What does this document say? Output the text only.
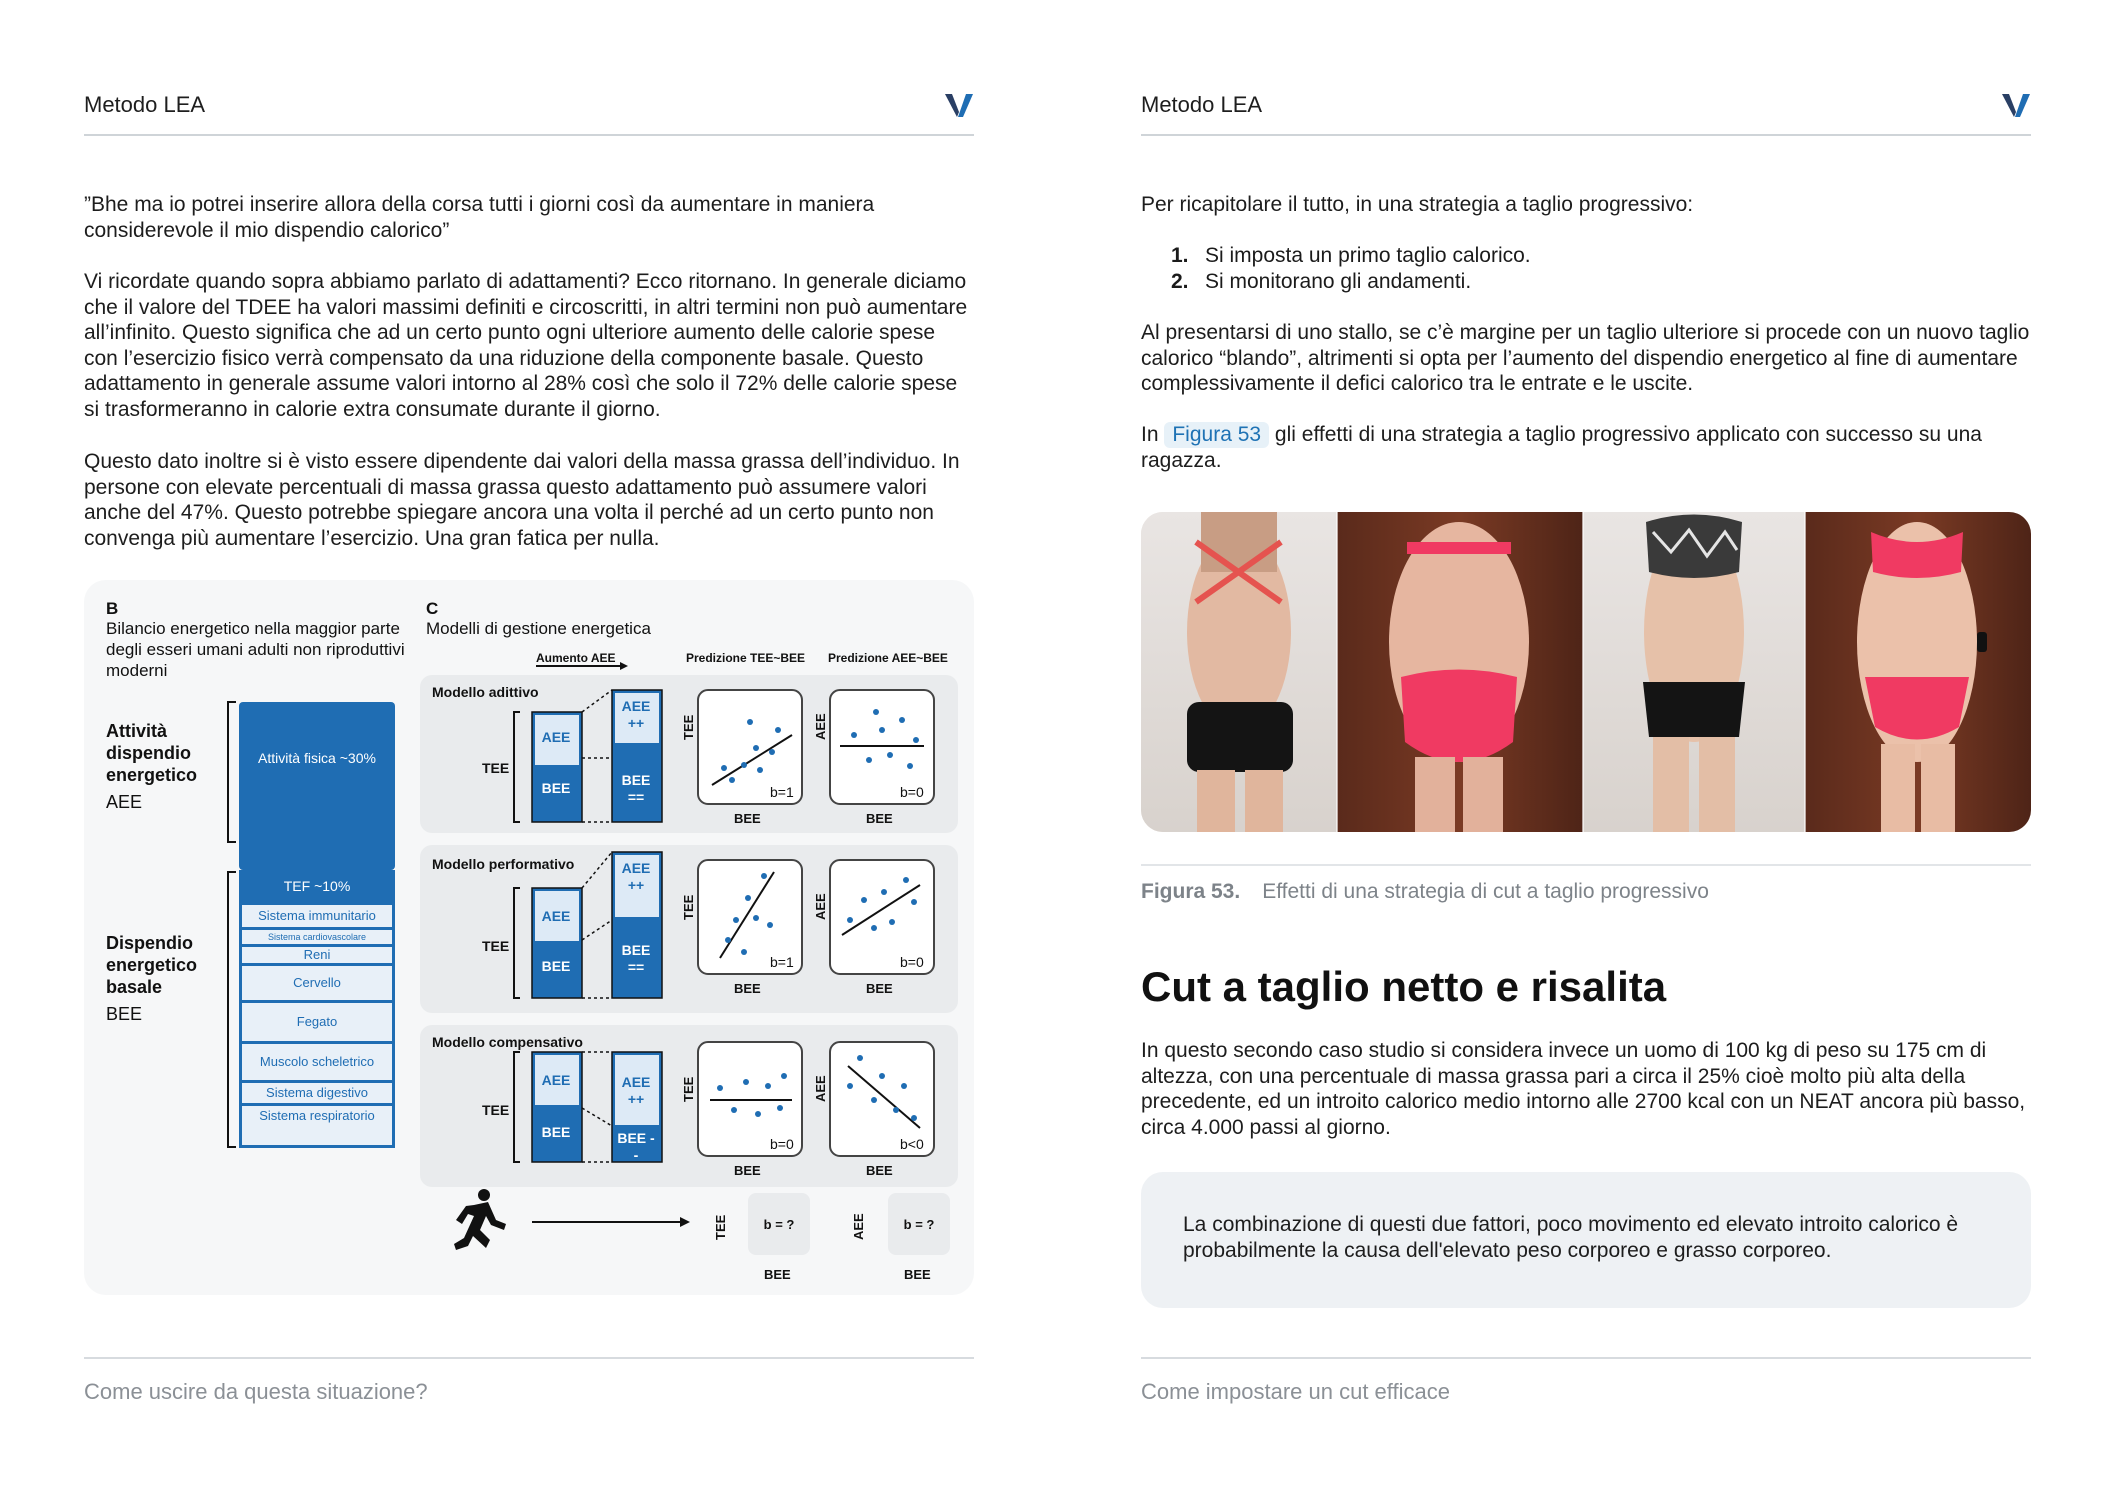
Metodo LEA
”Bhe ma io potrei inserire allora della corsa tutti i giorni così da aumentare in maniera considerevole il mio dispendio calorico”
Vi ricordate quando sopra abbiamo parlato di adattamenti? Ecco ritornano. In generale diciamo che il valore del TDEE ha valori massimi definiti e circoscritti, in altri termini non può aumentare all’infinito. Questo significa che ad un certo punto ogni ulteriore aumento delle calorie spese con l’esercizio fisico verrà compensato da una riduzione della componente basale. Questo adattamento in generale assume valori intorno al 28% così che solo il 72% delle calorie spese si trasformeranno in calorie extra consumate durante il giorno.
Questo dato inoltre si è visto essere dipendente dai valori della massa grassa dell’individuo. In persone con elevate percentuali di massa grassa questo adattamento può assumere valori anche del 47%. Questo potrebbe spiegare ancora una volta il perché ad un certo punto non convenga più aumentare l’esercizio. Una gran fatica per nulla.
B
Bilancio energetico nella maggior parte degli esseri umani adulti non riproduttivi moderni
Attività dispendio energetico
AEE
Dispendio energetico basale
BEE
Attività fisica ~30%
TEF ~10%
Sistema immunitario
Sistema cardiovascolare
Reni
Cervello
Fegato
Muscolo scheletrico
Sistema digestivo
Sistema respiratorio
C
Modelli di gestione energetica
Aumento AEE	Predizione TEE~BEE Predizione AEE~BEE
Modello adittivo
TEE
AEE
BEE
AEE ++
BEE ==
TEE
b=1
BEE
AEE
b=0
BEE
Modello performativo
TEE
AEE
BEE
AEE ++
BEE ==
TEE
b=1
BEE
AEE
b=0
BEE
Modello compensativo
TEE
AEE
BEE
AEE ++
BEE --
TEE
b=0
BEE
AEE
b<0
BEE
TEE	b = ?
BEE
AEE	b = ?
BEE
Come uscire da questa situazione?
Metodo LEA
Per ricapitolare il tutto, in una strategia a taglio progressivo:
1. Si imposta un primo taglio calorico.
2. Si monitorano gli andamenti.
Al presentarsi di uno stallo, se c’è margine per un taglio ulteriore si procede con un nuovo taglio calorico “blando”, altrimenti si opta per l’aumento del dispendio energetico al fine di aumentare complessivamente il defici calorico tra le entrate e le uscite.
In Figura 53 gli effetti di una strategia a taglio progressivo applicato con successo su una ragazza.
Figura 53. Effetti di una strategia di cut a taglio progressivo
Cut a taglio netto e risalita
In questo secondo caso studio si considera invece un uomo di 100 kg di peso su 175 cm di altezza, con una percentuale di massa grassa pari a circa il 25% cioè molto più alta della precedente, ed un introito calorico medio intorno alle 2700 kcal con un NEAT ancora più basso, circa 4.000 passi al giorno.
La combinazione di questi due fattori, poco movimento ed elevato introito calorico è probabilmente la causa dell'elevato peso corporeo e grasso corporeo.
Come impostare un cut efficace
